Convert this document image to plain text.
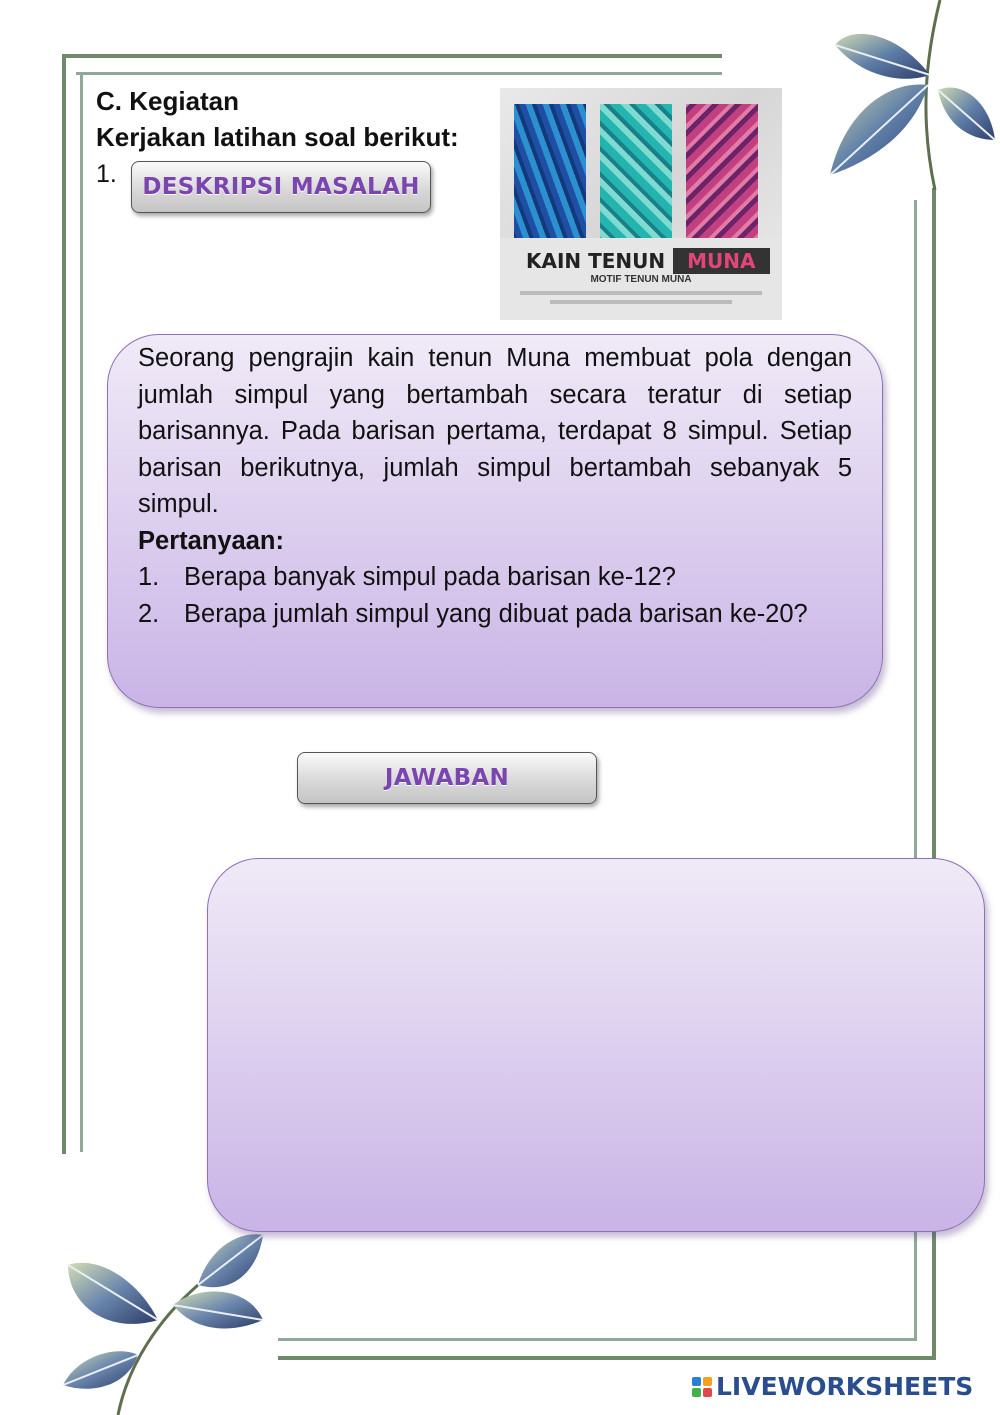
C. Kegiatan
Kerjakan latihan soal berikut:
1.	DESKRIPSI MASALAH
KAIN TENUN	MUNA
MOTIF TENUN MUNA

Seorang pengrajin kain tenun Muna membuat pola dengan jumlah simpul yang bertambah secara teratur di setiap barisannya. Pada barisan pertama, terdapat 8 simpul. Setiap barisan berikutnya, jumlah simpul bertambah sebanyak 5 simpul.

Pertanyaan:
1. Berapa banyak simpul pada barisan ke-12?
2. Berapa jumlah simpul yang dibuat pada barisan ke-20?
JAWABAN
LIVEWORKSHEETS
